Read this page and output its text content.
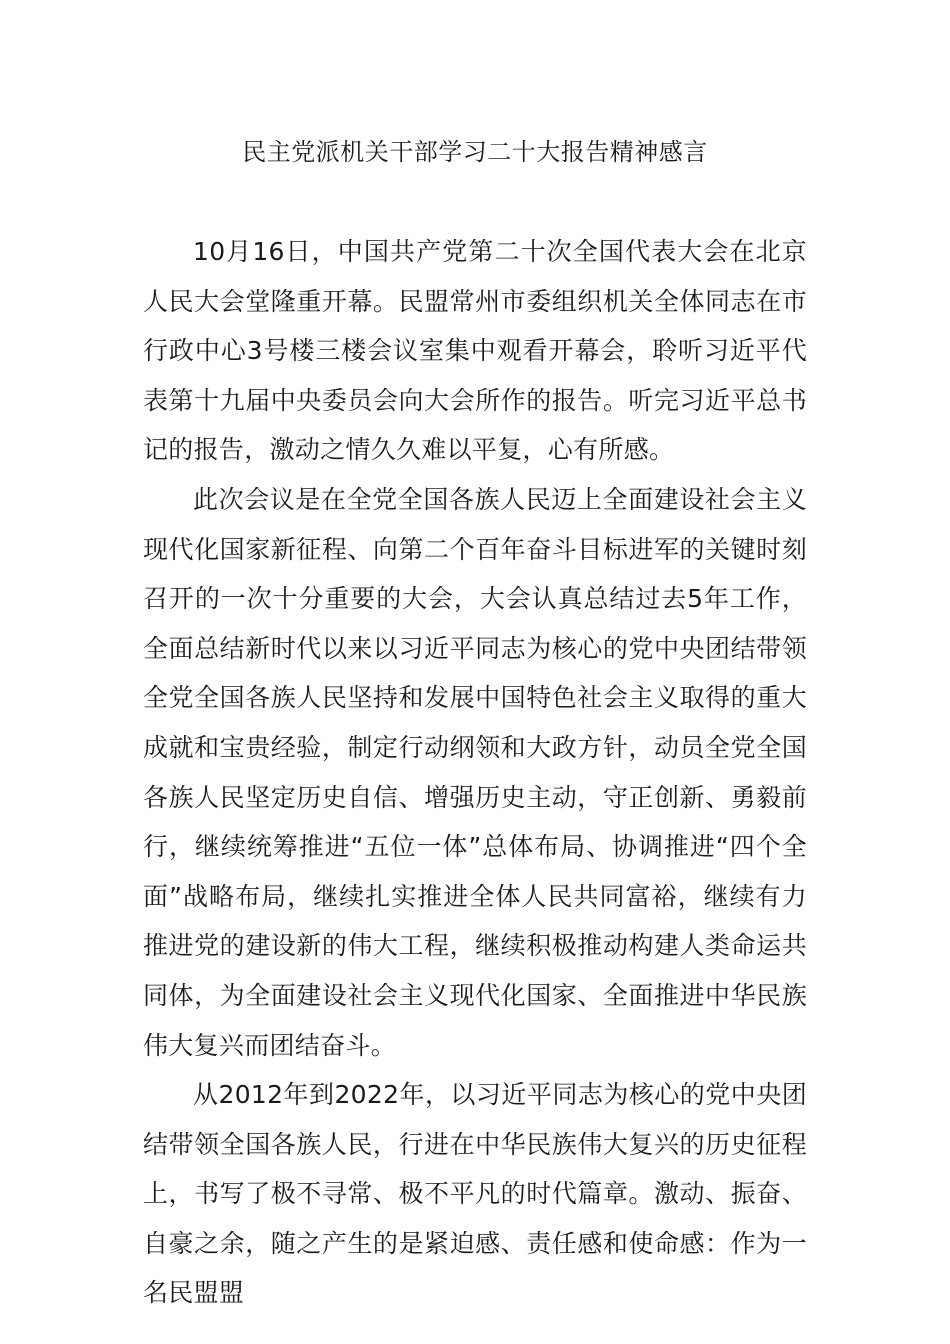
民主党派机关干部学习二十大报告精神感言

10月16日，中国共产党第二十次全国代表大会在北京人民大会堂隆重开幕。民盟常州市委组织机关全体同志在市行政中心3号楼三楼会议室集中观看开幕会，聆听习近平代表第十九届中央委员会向大会所作的报告。听完习近平总书记的报告，激动之情久久难以平复，心有所感。

此次会议是在全党全国各族人民迈上全面建设社会主义现代化国家新征程、向第二个百年奋斗目标进军的关键时刻召开的一次十分重要的大会，大会认真总结过去5年工作，全面总结新时代以来以习近平同志为核心的党中央团结带领全党全国各族人民坚持和发展中国特色社会主义取得的重大成就和宝贵经验，制定行动纲领和大政方针，动员全党全国各族人民坚定历史自信、增强历史主动，守正创新、勇毅前行，继续统筹推进“五位一体”总体布局、协调推进“四个全面”战略布局，继续扎实推进全体人民共同富裕，继续有力推进党的建设新的伟大工程，继续积极推动构建人类命运共同体，为全面建设社会主义现代化国家、全面推进中华民族伟大复兴而团结奋斗。

从2012年到2022年，以习近平同志为核心的党中央团结带领全国各族人民，行进在中华民族伟大复兴的历史征程上，书写了极不寻常、极不平凡的时代篇章。激动、振奋、自豪之余，随之产生的是紧迫感、责任感和使命感：作为一名民盟盟
